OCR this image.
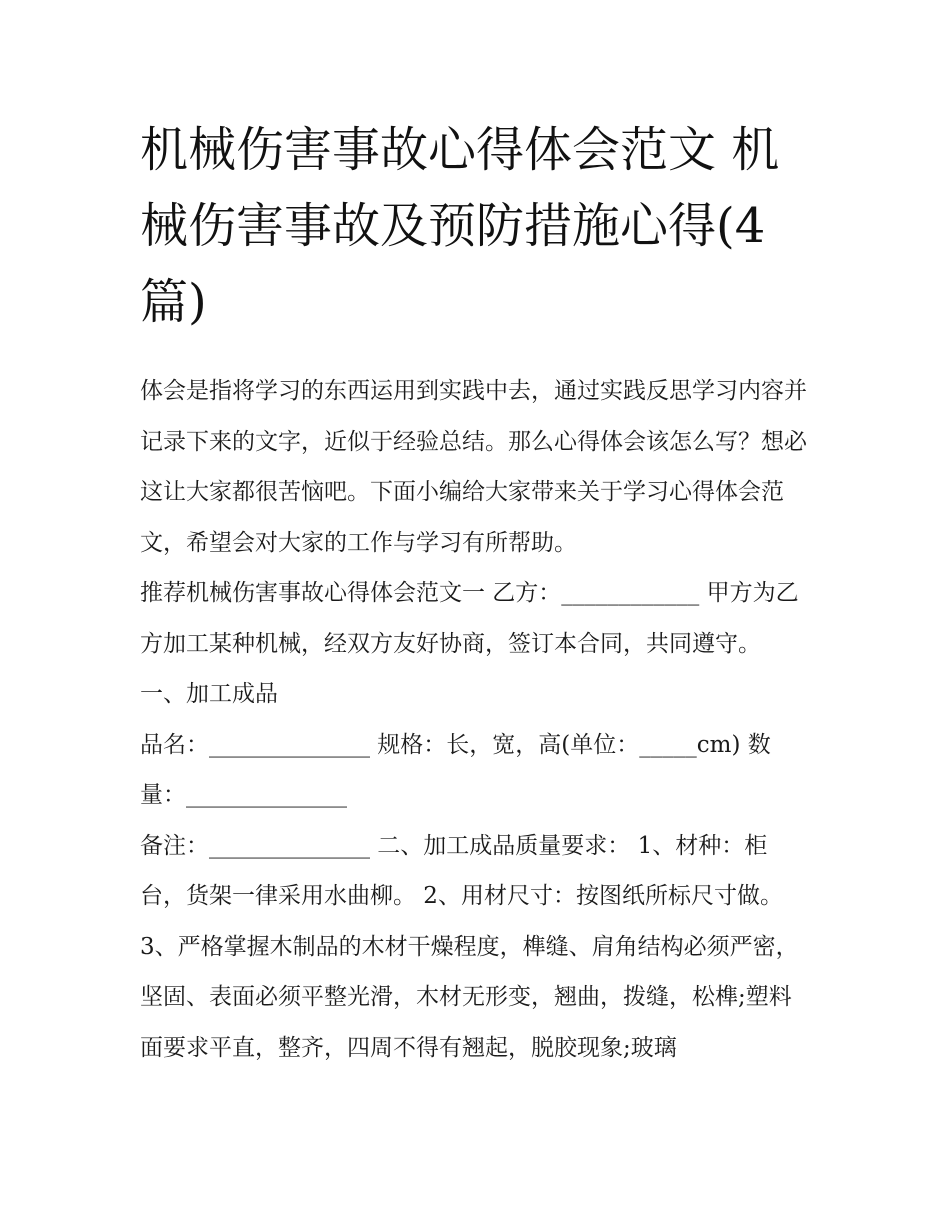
机械伤害事故心得体会范文 机械伤害事故及预防措施心得(4篇)

体会是指将学习的东西运用到实践中去，通过实践反思学习内容并记录下来的文字，近似于经验总结。那么心得体会该怎么写？想必这让大家都很苦恼吧。下面小编给大家带来关于学习心得体会范文，希望会对大家的工作与学习有所帮助。

推荐机械伤害事故心得体会范文一 乙方：____________ 甲方为乙方加工某种机械，经双方友好协商，签订本合同，共同遵守。 一、加工成品

品名：______________ 规格：长，宽，高(单位：_____cm) 数量：______________

备注：______________ 二、加工成品质量要求： 1、材种：柜台，货架一律采用水曲柳。 2、用材尺寸：按图纸所标尺寸做。

3、严格掌握木制品的木材干燥程度，榫缝、肩角结构必须严密，坚固、表面必须平整光滑，木材无形变，翘曲，拨缝，松榫;塑料面要求平直，整齐，四周不得有翘起，脱胶现象;玻璃
